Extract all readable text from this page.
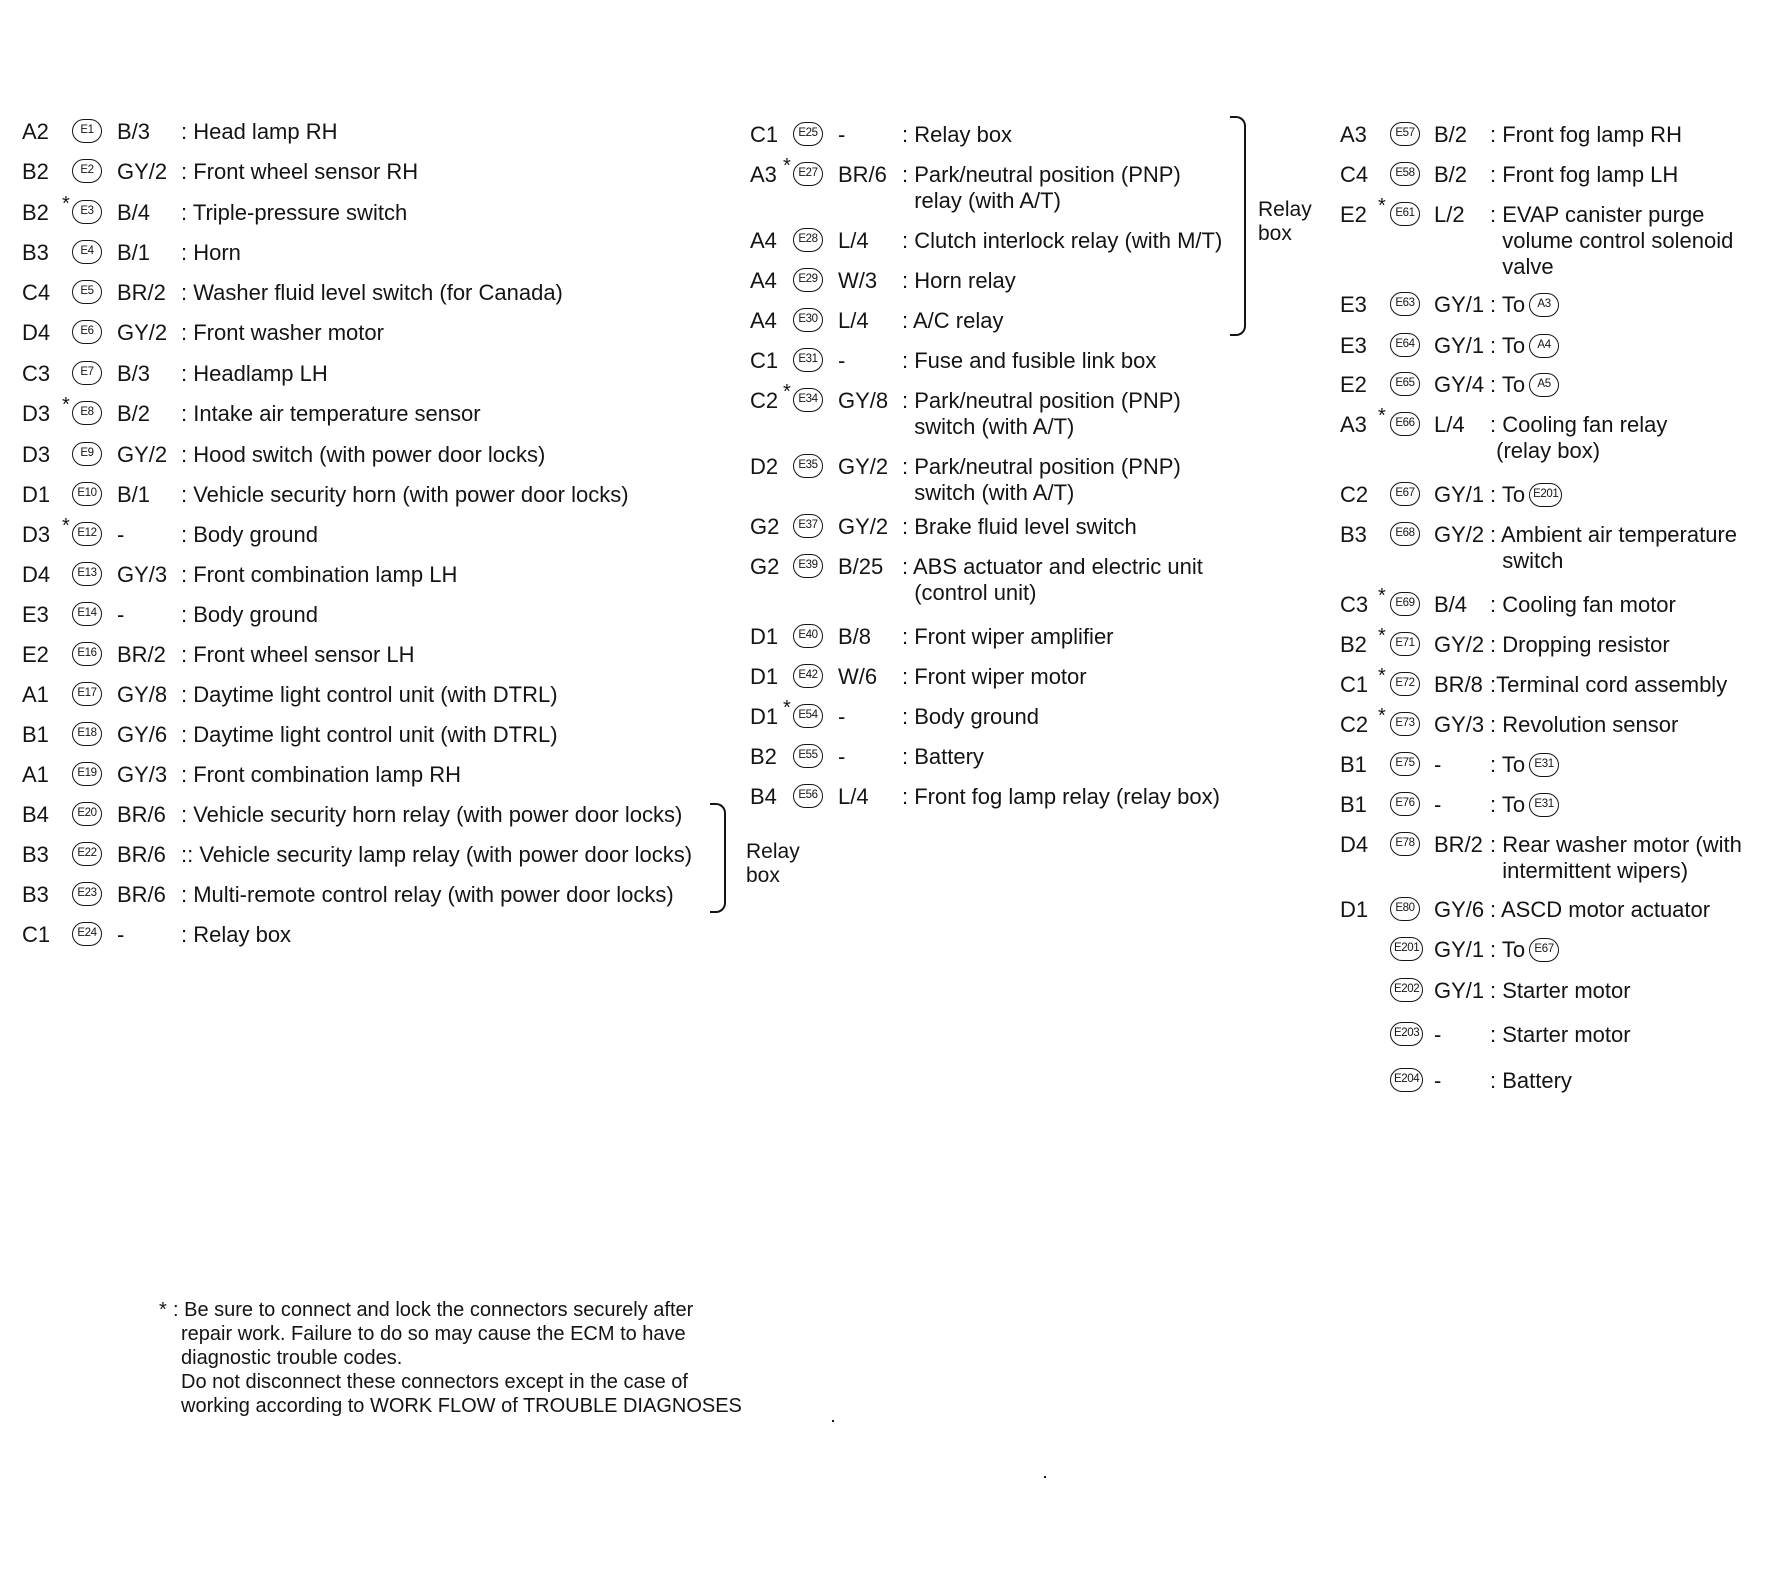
A2	E1	B/3 : Head lamp RH
B2	E2	GY/2 : Front wheel sensor RH
B2 * E3	B/4 : Triple-pressure switch
B3	E4	B/1 : Horn
C4	E5	BR/2 : Washer fluid level switch (for Canada)
D4	E6	GY/2 : Front washer motor
C3	E7	B/3 : Headlamp LH
D3 * E8	B/2 : Intake air temperature sensor
D3	E9	GY/2 : Hood switch (with power door locks)
D1	E10 B/1 : Vehicle security horn (with power door locks)
D3 * E12 -	: Body ground
D4	E13 GY/3 : Front combination lamp LH
E3	E14 -	: Body ground
E2	E16 BR/2 : Front wheel sensor LH
A1	E17 GY/8 : Daytime light control unit (with DTRL)
B1	E18 GY/6 : Daytime light control unit (with DTRL)
A1	E19 GY/3 : Front combination lamp RH
B4	E20 BR/6 : Vehicle security horn relay (with power door locks)
B3	E22 BR/6 :: Vehicle security lamp relay (with power door locks)
B3	E23 BR/6 : Multi-remote control relay (with power door locks)
C1	E24 -	: Relay box
C1	E25 -	: Relay box
A3 * E27 BR/6 : Park/neutral position (PNP)
relay (with A/T)
A4	E28 L/4 : Clutch interlock relay (with M/T)
A4	E29 W/3 : Horn relay
A4	E30 L/4 : A/C relay
C1	E31 -	: Fuse and fusible link box
C2 * E34 GY/8 : Park/neutral position (PNP)
switch (with A/T)
D2	E35 GY/2 : Park/neutral position (PNP)
switch (with A/T)
G2	E37 GY/2 : Brake fluid level switch
G2	E39 B/25 : ABS actuator and electric unit
(control unit)
D1	E40 B/8 : Front wiper amplifier
D1	E42 W/6 : Front wiper motor
D1 * E54 -	: Body ground
B2	E55 -	: Battery
B4	E56 L/4 : Front fog lamp relay (relay box)
A3	E57 B/2 : Front fog lamp RH
C4	E58 B/2 : Front fog lamp LH
E2 * E61 L/2 : EVAP canister purge
volume control solenoid
valve
E3	E63 GY/1 : To A3
E3	E64 GY/1 : To A4
E2	E65 GY/4 : To A5
A3 * E66 L/4 : Cooling fan relay
(relay box)
C2	E67 GY/1 : To E201
B3	E68 GY/2 : Ambient air temperature
switch
C3 * E69 B/4 : Cooling fan motor
B2 * E71 GY/2 : Dropping resistor
C1 * E72 BR/8 :Terminal cord assembly
C2 * E73 GY/3 : Revolution sensor
B1	E75 - : To E31
B1	E76 - : To E31
D4	E78 BR/2 : Rear washer motor (with
intermittent wipers)
D1	E80 GY/6 : ASCD motor actuator
E201 GY/1 : To E67
E202 GY/1 : Starter motor
E203 - : Starter motor
E204 - : Battery
Relay
box
Relay
box
* : Be sure to connect and lock the connectors securely after
repair work. Failure to do so may cause the ECM to have
diagnostic trouble codes.
Do not disconnect these connectors except in the case of
working according to WORK FLOW of TROUBLE DIAGNOSES
